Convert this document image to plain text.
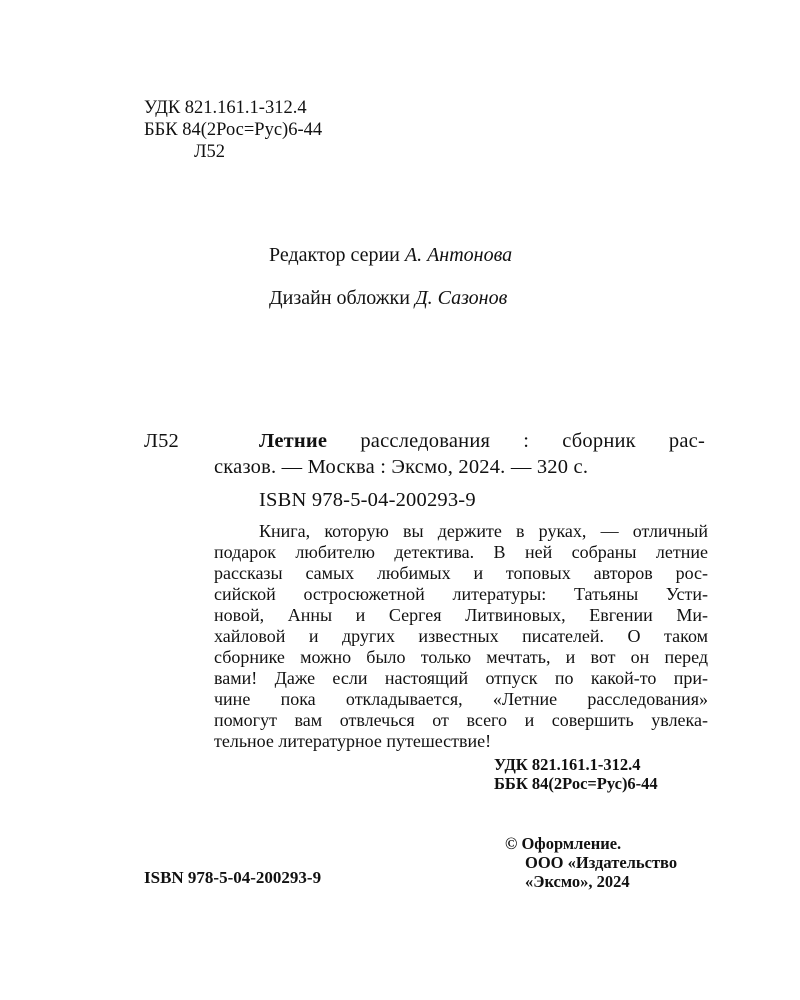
УДК 821.161.1-312.4
ББК 84(2Рос=Рус)6-44
Л52
Редактор серии А. Антонова
Дизайн обложки Д. Сазонов
Л52	Летние расследования : сборник рас-
сказов. — Москва : Эксмо, 2024. — 320 с.
ISBN 978-5-04-200293-9
Книга, которую вы держите в руках, — отличный
подарок любителю детектива. В ней собраны летние
рассказы самых любимых и топовых авторов рос-
сийской остросюжетной литературы: Татьяны Усти-
новой, Анны и Сергея Литвиновых, Евгении Ми-
хайловой и других известных писателей. О таком
сборнике можно было только мечтать, и вот он перед
вами! Даже если настоящий отпуск по какой-то при-
чине пока откладывается, «Летние расследования»
помогут вам отвлечься от всего и совершить увлека-
тельное литературное путешествие!
УДК 821.161.1-312.4
ББК 84(2Рос=Рус)6-44
ISBN 978-5-04-200293-9
© Оформление.
ООО «Издательство
«Эксмо», 2024
